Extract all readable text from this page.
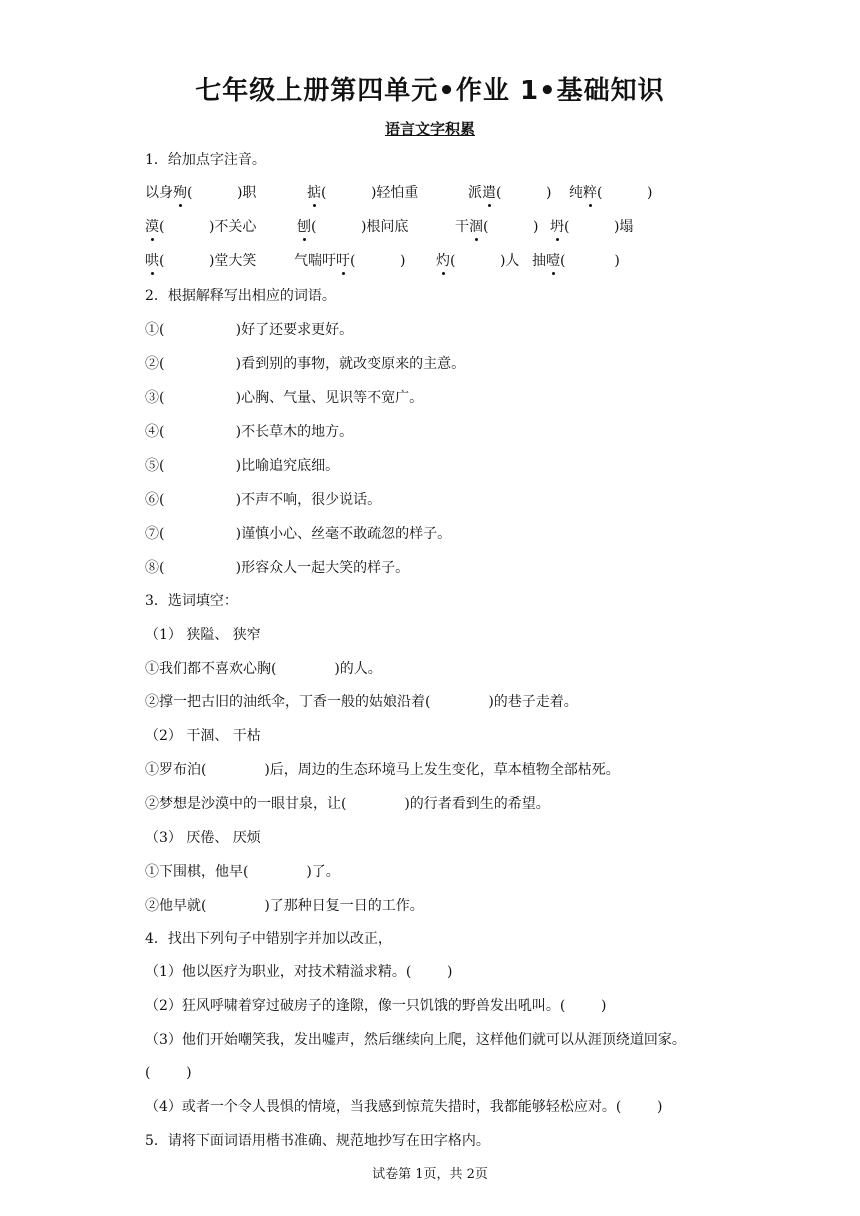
七年级上册第四单元•作业 1•基础知识
语言文字积累
1．给加点字注音。
以身殉(          )职	掂(          )轻怕重	派遣(          ) 纯粹(          )
漠(          )不关心	刨(          )根问底	干涸(          ) 坍(          )塌
哄(          )堂大笑	气喘吁吁(          ) 灼(          )人 抽噎(           )
2．根据解释写出相应的词语。
①(                )好了还要求更好。
②(                )看到别的事物，就改变原来的主意。
③(                )心胸、气量、见识等不宽广。
④(                )不长草木的地方。
⑤(                )比喻追究底细。
⑥(                )不声不响，很少说话。
⑦(                )谨慎小心、丝毫不敢疏忽的样子。
⑧(                )形容众人一起大笑的样子。
3．选词填空：
（1） 狭隘、 狭窄
①我们都不喜欢心胸(             )的人。
②撑一把古旧的油纸伞，丁香一般的姑娘沿着(             )的巷子走着。
（2） 干涸、 干枯
①罗布泊(             )后，周边的生态环境马上发生变化，草本植物全部枯死。
②梦想是沙漠中的一眼甘泉，让(             )的行者看到生的希望。
（3） 厌倦、 厌烦
①下围棋，他早(             )了。
②他早就(             )了那种日复一日的工作。
4．找出下列句子中错别字并加以改正，
（1）他以医疗为职业，对技术精溢求精。(        )
（2）狂风呼啸着穿过破房子的逢隙，像一只饥饿的野兽发出吼叫。(        )
（3）他们开始嘲笑我，发出嘘声，然后继续向上爬，这样他们就可以从涯顶绕道回家。
(        )
（4）或者一个令人畏惧的情境，当我感到惊荒失措时，我都能够轻松应对。(        )
5．请将下面词语用楷书准确、规范地抄写在田字格内。
试卷第 1页，共 2页
